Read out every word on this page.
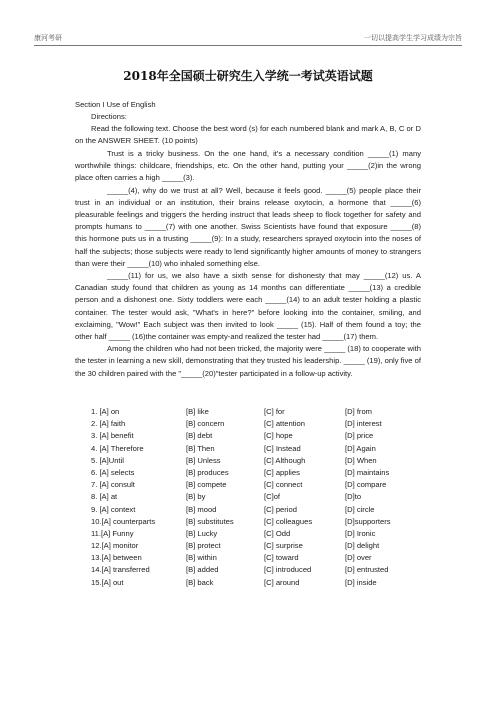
康河考研	一切以提高学生学习成绩为宗旨
2018年全国硕士研究生入学统一考试英语试题
Section I Use of English

Directions:

Read the following text. Choose the best word (s) for each numbered blank and mark A, B, C or D on the ANSWER SHEET. (10 points)

Trust is a tricky business. On the one hand, it's a necessary condition _____(1) many worthwhile things: childcare, friendships, etc. On the other hand, putting your _____(2)in the wrong place often carries a high _____(3).

_____(4), why do we trust at all? Well, because it feels good. _____(5) people place their trust in an individual or an institution, their brains release oxytocin, a hormone that _____(6) pleasurable feelings and triggers the herding instruct that leads sheep to flock together for safety and prompts humans to _____(7) with one another. Swiss Scientists have found that exposure _____(8) this hormone puts us in a trusting _____(9): In a study, researchers sprayed oxytocin into the noses of half the subjects; those subjects were ready to lend significantly higher amounts of money to strangers than were their _____(10) who inhaled something else.

_____(11) for us, we also have a sixth sense for dishonesty that may _____(12) us. A Canadian study found that children as young as 14 months can differentiate _____(13) a credible person and a dishonest one. Sixty toddlers were each _____(14) to an adult tester holding a plastic container. The tester would ask, "What's in here?" before looking into the container, smiling, and exclaiming, "Wow!" Each subject was then invited to look _____ (15). Half of them found a toy; the other half _____ (16)the container was empty-and realized the tester had _____(17) them.

Among the children who had not been tricked, the majority were _____ (18) to cooperate with the tester in learning a new skill, demonstrating that they trusted his leadership. _____ (19), only five of the 30 children paired with the "_____(20)"tester participated in a follow-up activity.

1. [A] on	[B] like	[C] for	[D] from
2. [A] faith	[B] concern	[C] attention	[D] interest
3. [A] benefit	[B] debt	[C] hope	[D] price
4. [A] Therefore	[B] Then	[C] Instead	[D] Again
5. [A]Until	[B] Unless	[C] Although	[D] When
6. [A] selects	[B] produces	[C] applies	[D] maintains
7. [A] consult	[B] compete	[C] connect	[D] compare
8. [A] at	[B] by	[C]of	[D]to
9. [A] context	[B] mood	[C] period	[D] circle
10.[A] counterparts	[B] substitutes	[C] colleagues	[D]supporters
11.[A] Funny	[B] Lucky	[C] Odd	[D] Ironic
12.[A] monitor	[B] protect	[C] surprise	[D] delight
13.[A] between	[B] within	[C] toward	[D] over
14.[A] transferred	[B] added	[C] introduced	[D] entrusted
15.[A] out	[B] back	[C] around	[D] inside
